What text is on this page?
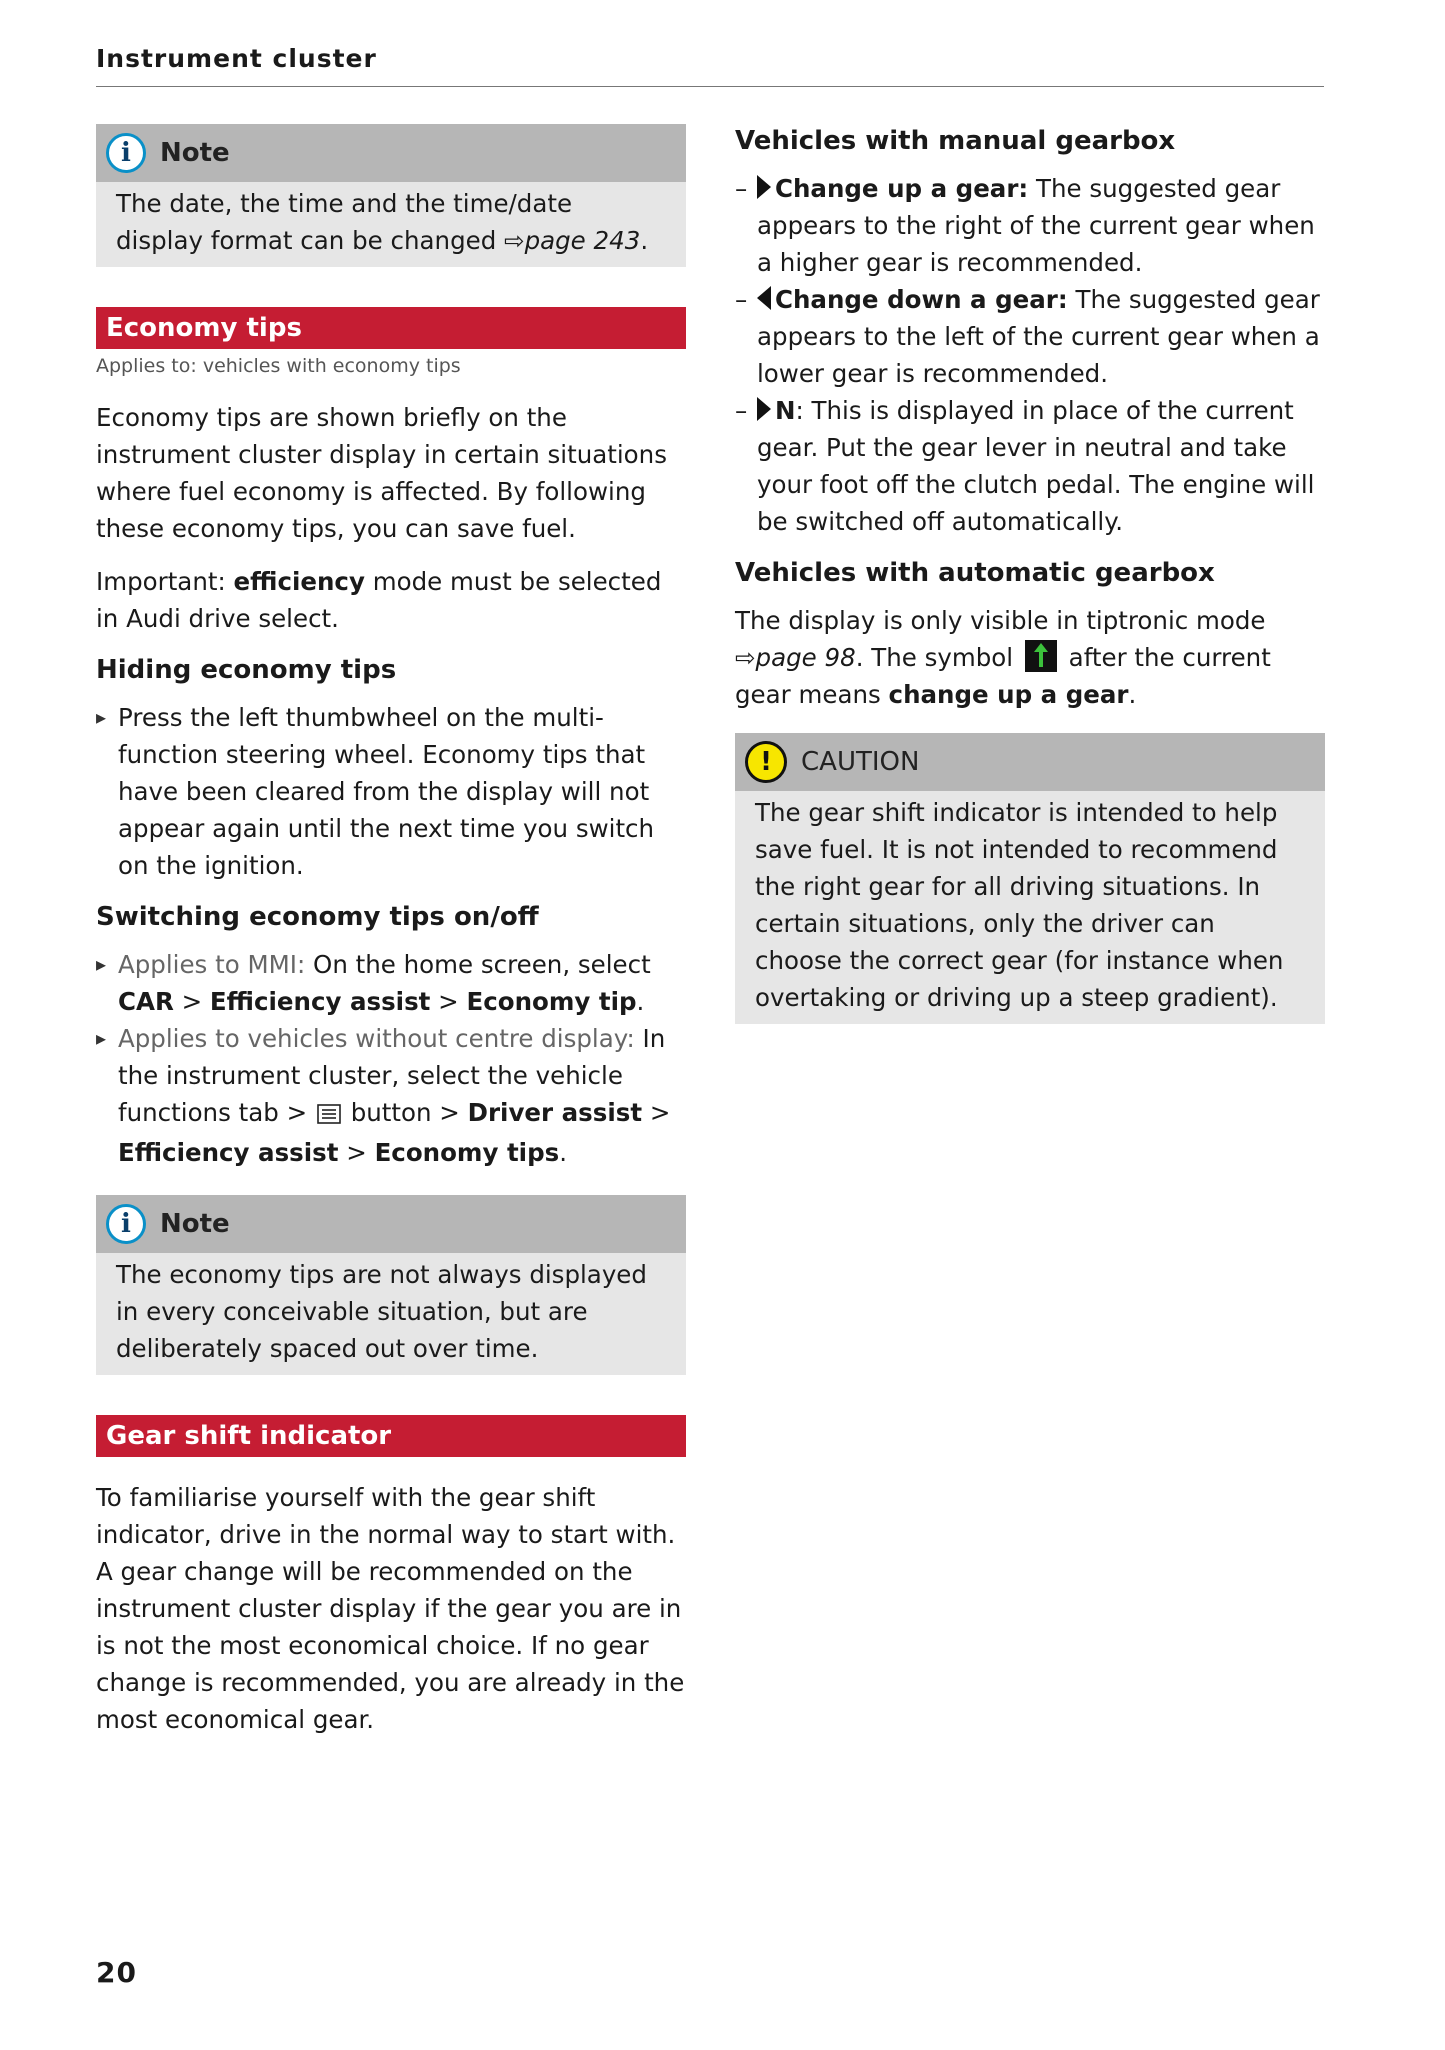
Instrument cluster
i	Note
The date, the time and the time/date display format can be changed ⇨page 243.
Economy tips
Applies to: vehicles with economy tips

Economy tips are shown briefly on the instrument cluster display in certain situations where fuel economy is affected. By following these economy tips, you can save fuel.

Important: efficiency mode must be selected in Audi drive select.

Hiding economy tips
▸ Press the left thumbwheel on the multi-function steering wheel. Economy tips that have been cleared from the display will not appear again until the next time you switch on the ignition.
Switching economy tips on/off
▸ Applies to MMI: On the home screen, select CAR > Efficiency assist > Economy tip.
▸ Applies to vehicles without centre display: In the instrument cluster, select the vehicle functions tab >  button > Driver assist > Efficiency assist > Economy tips.
i	Note
The economy tips are not always displayed in every conceivable situation, but are deliberately spaced out over time.
Gear shift indicator

To familiarise yourself with the gear shift indicator, drive in the normal way to start with. A gear change will be recommended on the instrument cluster display if the gear you are in is not the most economical choice. If no gear change is recommended, you are already in the most economical gear.

Vehicles with manual gearbox
– Change up a gear: The suggested gear appears to the right of the current gear when a higher gear is recommended.
– Change down a gear: The suggested gear appears to the left of the current gear when a lower gear is recommended.
– N: This is displayed in place of the current gear. Put the gear lever in neutral and take your foot off the clutch pedal. The engine will be switched off automatically.
Vehicles with automatic gearbox

The display is only visible in tiptronic mode ⇨page 98. The symbol
after the current gear means change up a gear.

!	CAUTION
The gear shift indicator is intended to help save fuel. It is not intended to recommend the right gear for all driving situations. In certain situations, only the driver can choose the correct gear (for instance when overtaking or driving up a steep gradient).
20
